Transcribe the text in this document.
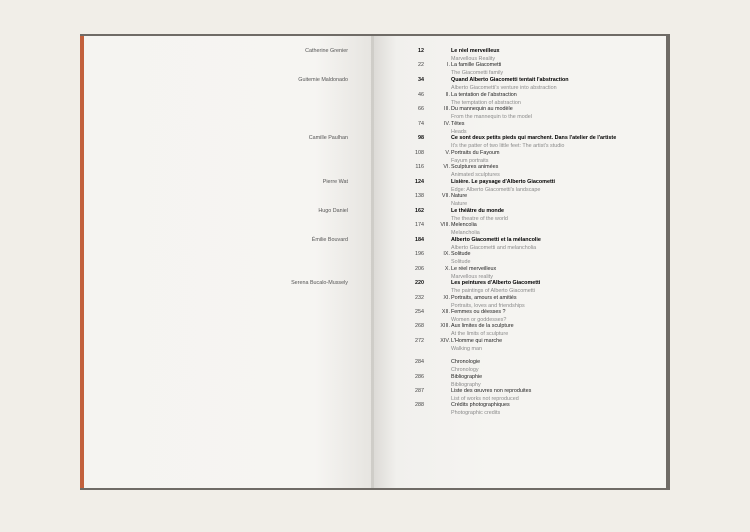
Catherine Grenier	12	Le réel merveilleux
Marvellous Reality
22	I. La famille Giacometti
The Giacometti family
Guitemie Maldonado	34	Quand Alberto Giacometti tentait l'abstraction
Alberto Giacometti's venture into abstraction
46	II. La tentation de l'abstraction
The temptation of abstraction
66	III. Du mannequin au modèle
From the mannequin to the model
74	IV. Têtes
Heads
Camille Paulhan	98	Ce sont deux petits pieds qui marchent. Dans l'atelier de l'artiste
It's the patter of two little feet: The artist's studio
108	V. Portraits du Fayoum
Fayum portraits
116	VI. Sculptures animées
Animated sculptures
Pierre Wat	124	Lisière. Le paysage d'Alberto Giacometti
Edge: Alberto Giacometti's landscape
138	VII. Nature
Nature
Hugo Daniel	162	Le théâtre du monde
The theatre of the world
174	VIII. Melencolia
Melancholia
Émilie Bouvard	184	Alberto Giacometti et la mélancolie
Alberto Giacometti and melancholia
196	IX. Solitude
Solitude
206	X. Le réel merveilleux
Marvellous reality
Serena Bucalo-Mussely	220	Les peintures d'Alberto Giacometti
The paintings of Alberto Giacometti
232	XI. Portraits, amours et amitiés
Portraits, loves and friendships
254	XII. Femmes ou déesses ?
Women or goddesses?
268	XIII. Aux limites de la sculpture
At the limits of sculpture
272	XIV. L'Homme qui marche
Walking man
284	Chronologie
Chronology
286	Bibliographie
Bibliography
287	Liste des œuvres non reproduites
List of works not reproduced
288	Crédits photographiques
Photographic credits
